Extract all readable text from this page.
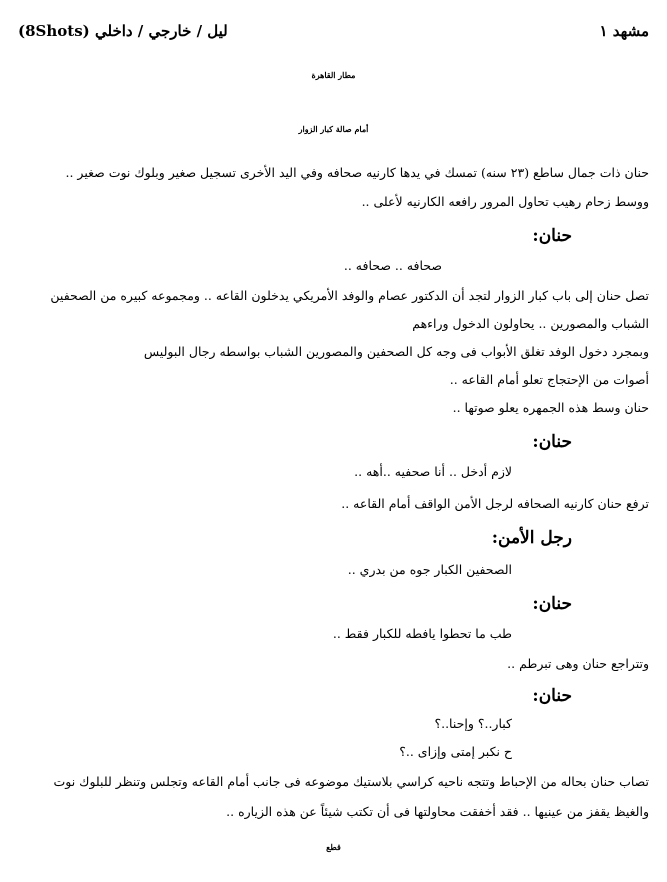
مشهد ١
ليل / خارجي / داخلي (8Shots)
مطار القاهرة
أمام صالة كبار الزوار
حنان ذات جمال ساطع (٢٣ سنه) تمسك في يدها كارنيه صحافه وفي اليد الأخرى تسجيل صغير وبلوك نوت صغير ..
ووسط زحام رهيب تحاول المرور رافعه الكارنيه لأعلى ..
حنان:
صحافه .. صحافه ..
تصل حنان إلى باب كبار الزوار لتجد أن الدكتور عصام والوفد الأمريكي يدخلون القاعه .. ومجموعه كبيره من الصحفين
الشباب والمصورين .. يحاولون الدخول وراءهم
وبمجرد دخول الوفد تغلق الأبواب فى وجه كل الصحفين والمصورين الشباب بواسطه رجال البوليس
أصوات من الإحتجاج تعلو أمام القاعه ..
حنان وسط هذه الجمهره يعلو صوتها ..
حنان:
لازم أدخل .. أنا صحفيه ..أهه ..
ترفع حنان كارنيه الصحافه لرجل الأمن الواقف أمام القاعه ..
رجل الأمن:
الصحفين الكبار جوه من بدري ..
حنان:
طب ما تحطوا يافطه للكبار فقط ..
وتتراجع حنان وهى تبرطم ..
حنان:
كبار..؟ وإحنا..؟
ح نكبر إمتى وإزاى ..؟
تصاب حنان بحاله من الإحباط وتتجه ناحيه كراسي بلاستيك موضوعه فى جانب أمام القاعه وتجلس وتنظر للبلوك نوت
والغيظ يقفز من عينيها .. فقد أخفقت محاولتها فى أن تكتب شيئاً عن هذه الزياره ..
قطع
